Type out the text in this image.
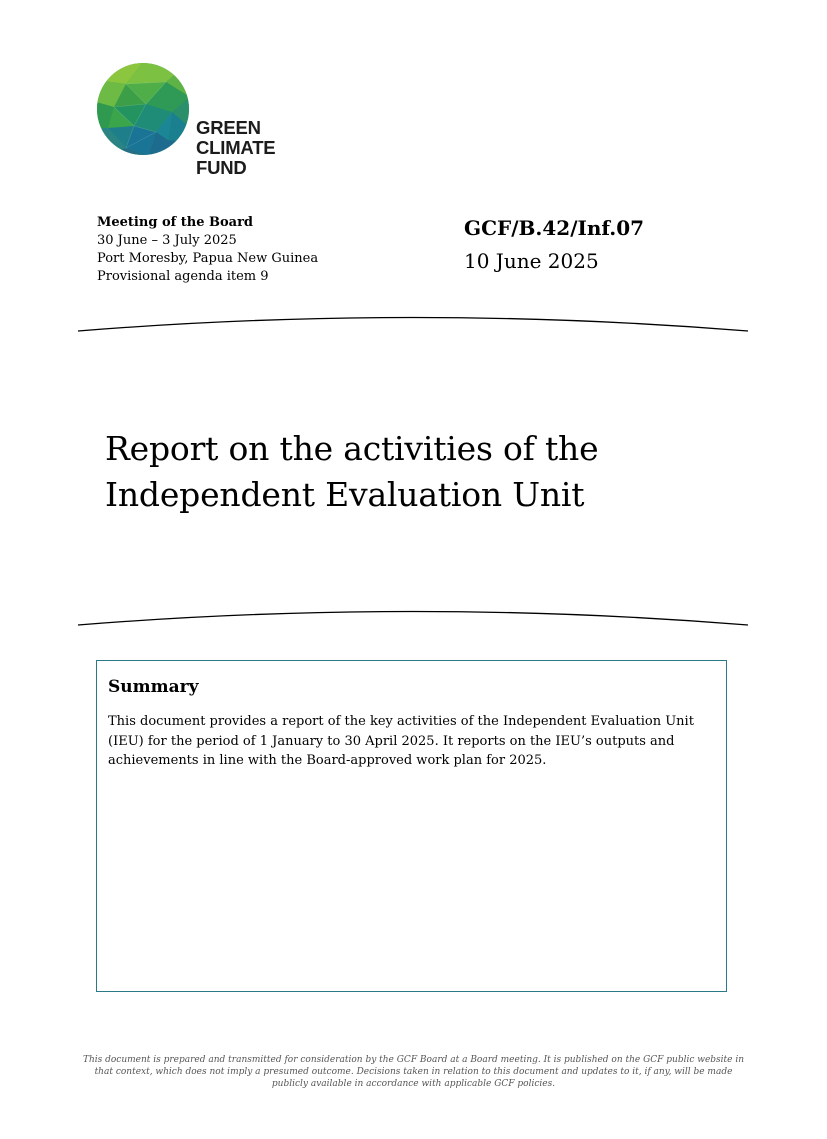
GREEN
CLIMATE
FUND
Meeting of the Board
30 June – 3 July 2025
Port Moresby, Papua New Guinea
Provisional agenda item 9
GCF/B.42/Inf.07
10 June 2025
Report on the activities of the
Independent Evaluation Unit
Summary
This document provides a report of the key activities of the Independent Evaluation Unit (IEU) for the period of 1 January to 30 April 2025. It reports on the IEU’s outputs and achievements in line with the Board-approved work plan for 2025.
This document is prepared and transmitted for consideration by the GCF Board at a Board meeting. It is published on the GCF public website in that context, which does not imply a presumed outcome. Decisions taken in relation to this document and updates to it, if any, will be made publicly available in accordance with applicable GCF policies.
